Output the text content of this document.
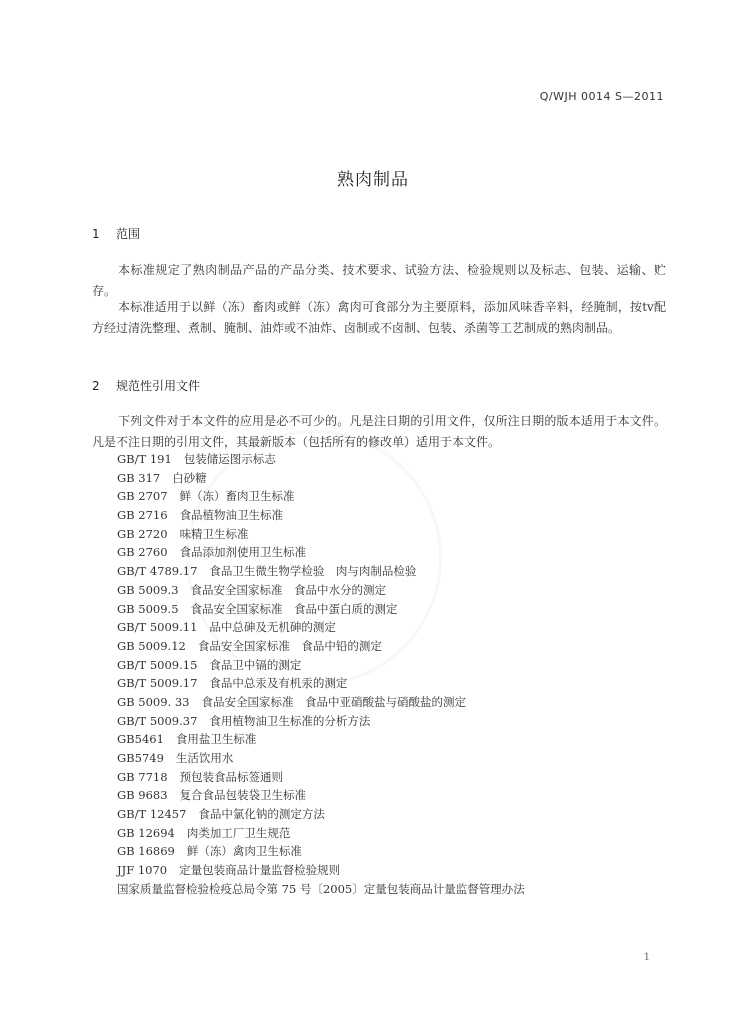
Q/WJH 0014 S—2011
熟肉制品
1 范围
本标准规定了熟肉制品产品的产品分类、技术要求、试验方法、检验规则以及标志、包装、运输、贮存。
本标准适用于以鲜（冻）畜肉或鲜（冻）禽肉可食部分为主要原料，添加风味香辛料，经腌制，按tv配方经过清洗整理、煮制、腌制、油炸或不油炸、卤制或不卤制、包装、杀菌等工艺制成的熟肉制品。
2 规范性引用文件
下列文件对于本文件的应用是必不可少的。凡是注日期的引用文件，仅所注日期的版本适用于本文件。凡是不注日期的引用文件，其最新版本（包括所有的修改单）适用于本文件。
GB/T 191 包装储运图示标志
GB 317 白砂糖
GB 2707 鲜（冻）畜肉卫生标准
GB 2716 食品植物油卫生标准
GB 2720 味精卫生标准
GB 2760 食品添加剂使用卫生标准
GB/T 4789.17 食品卫生微生物学检验　肉与肉制品检验
GB 5009.3 食品安全国家标准　食品中水分的测定
GB 5009.5 食品安全国家标准　食品中蛋白质的测定
GB/T 5009.11 品中总砷及无机砷的测定
GB 5009.12 食品安全国家标准　食品中铅的测定
GB/T 5009.15 食品卫中镉的测定
GB/T 5009.17 食品中总汞及有机汞的测定
GB 5009. 33 食品安全国家标准　食品中亚硝酸盐与硝酸盐的测定
GB/T 5009.37 食用植物油卫生标准的分析方法
GB5461 食用盐卫生标准
GB5749 生活饮用水
GB 7718 预包装食品标签通则
GB 9683 复合食品包装袋卫生标准
GB/T 12457 食品中氯化钠的测定方法
GB 12694 肉类加工厂卫生规范
GB 16869 鲜（冻）禽肉卫生标准
JJF 1070 定量包装商品计量监督检验规则
国家质量监督检验检疫总局令第 75 号〔2005〕定量包装商品计量监督管理办法
1
